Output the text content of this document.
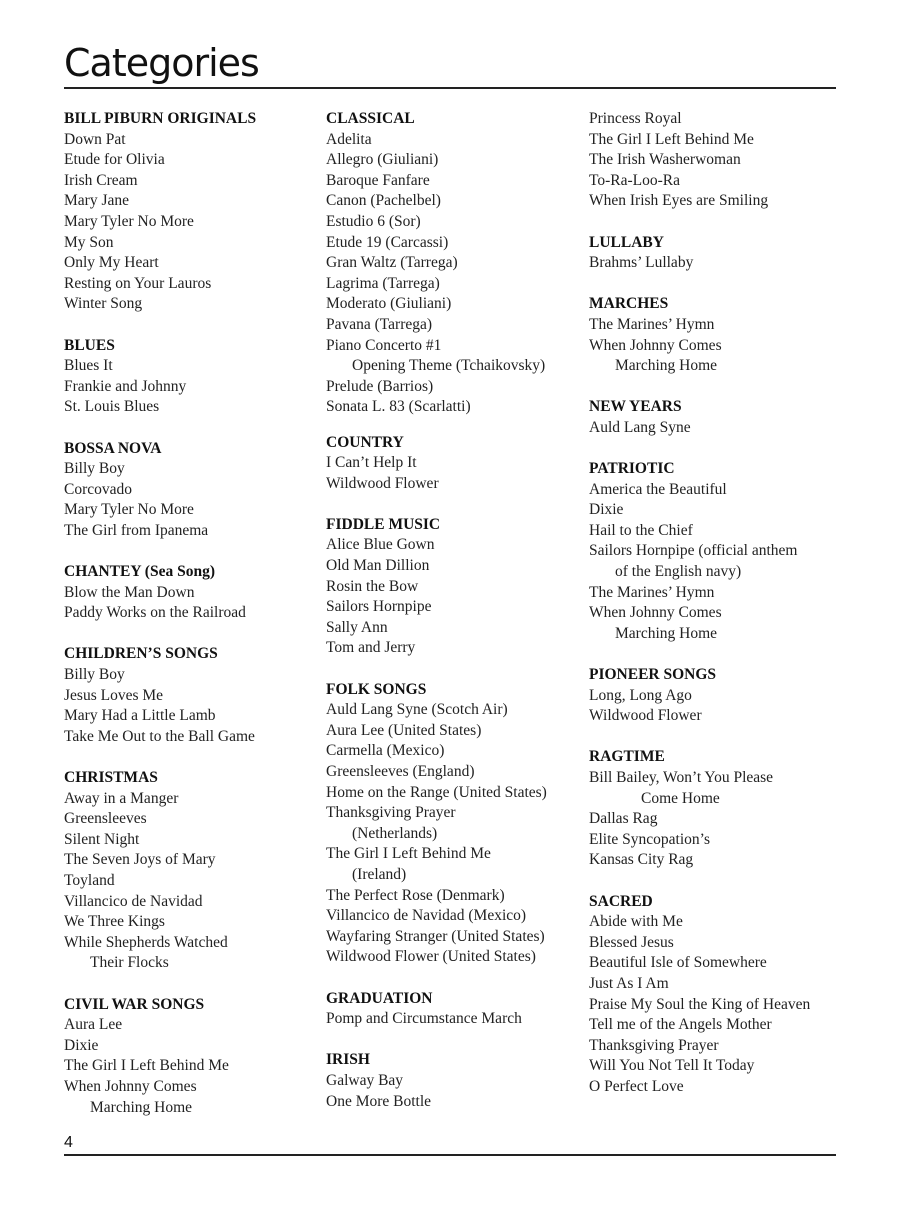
Categories
BILL PIBURN ORIGINALS
Down Pat
Etude for Olivia
Irish Cream
Mary Jane
Mary Tyler No More
My Son
Only My Heart
Resting on Your Lauros
Winter Song
BLUES
Blues It
Frankie and Johnny
St. Louis Blues
BOSSA NOVA
Billy Boy
Corcovado
Mary Tyler No More
The Girl from Ipanema
CHANTEY (Sea Song)
Blow the Man Down
Paddy Works on the Railroad
CHILDREN’S SONGS
Billy Boy
Jesus Loves Me
Mary Had a Little Lamb
Take Me Out to the Ball Game
CHRISTMAS
Away in a Manger
Greensleeves
Silent Night
The Seven Joys of Mary
Toyland
Villancico de Navidad
We Three Kings
While Shepherds Watched
Their Flocks
CIVIL WAR SONGS
Aura Lee
Dixie
The Girl I Left Behind Me
When Johnny Comes
Marching Home
CLASSICAL
Adelita
Allegro (Giuliani)
Baroque Fanfare
Canon (Pachelbel)
Estudio 6 (Sor)
Etude 19 (Carcassi)
Gran Waltz (Tarrega)
Lagrima (Tarrega)
Moderato (Giuliani)
Pavana (Tarrega)
Piano Concerto #1
Opening Theme (Tchaikovsky)
Prelude (Barrios)
Sonata L. 83 (Scarlatti)
COUNTRY
I Can’t Help It
Wildwood Flower
FIDDLE MUSIC
Alice Blue Gown
Old Man Dillion
Rosin the Bow
Sailors Hornpipe
Sally Ann
Tom and Jerry
FOLK SONGS
Auld Lang Syne (Scotch Air)
Aura Lee (United States)
Carmella (Mexico)
Greensleeves (England)
Home on the Range (United States)
Thanksgiving Prayer
(Netherlands)
The Girl I Left Behind Me
(Ireland)
The Perfect Rose (Denmark)
Villancico de Navidad (Mexico)
Wayfaring Stranger (United States)
Wildwood Flower (United States)
GRADUATION
Pomp and Circumstance March
IRISH
Galway Bay
One More Bottle
Princess Royal
The Girl I Left Behind Me
The Irish Washerwoman
To-Ra-Loo-Ra
When Irish Eyes are Smiling
LULLABY
Brahms’ Lullaby
MARCHES
The Marines’ Hymn
When Johnny Comes
Marching Home
NEW YEARS
Auld Lang Syne
PATRIOTIC
America the Beautiful
Dixie
Hail to the Chief
Sailors Hornpipe (official anthem
of the English navy)
The Marines’ Hymn
When Johnny Comes
Marching Home
PIONEER SONGS
Long, Long Ago
Wildwood Flower
RAGTIME
Bill Bailey, Won’t You Please
Come Home
Dallas Rag
Elite Syncopation’s
Kansas City Rag
SACRED
Abide with Me
Blessed Jesus
Beautiful Isle of Somewhere
Just As I Am
Praise My Soul the King of Heaven
Tell me of the Angels Mother
Thanksgiving Prayer
Will You Not Tell It Today
O Perfect Love
4
